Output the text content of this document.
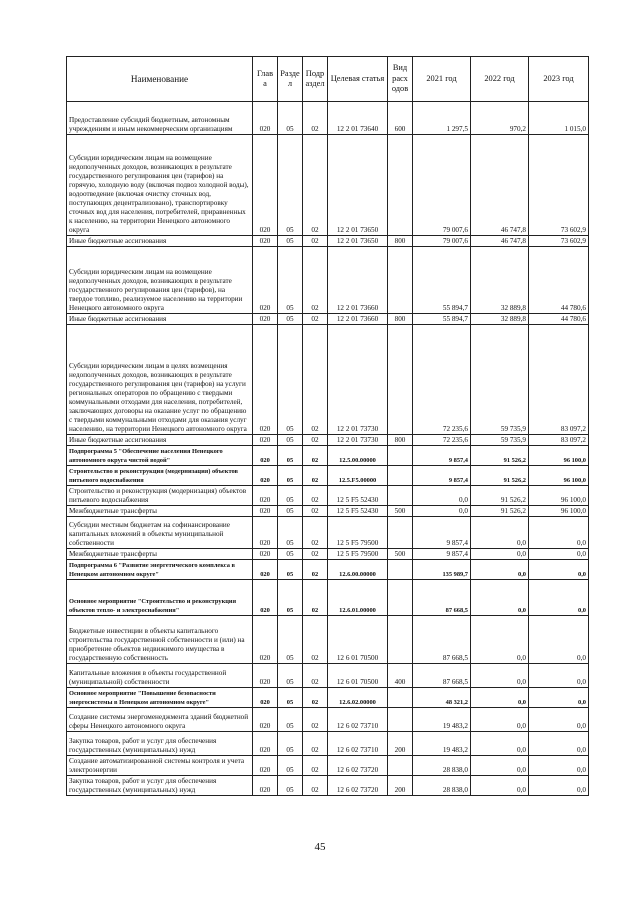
Наименование	Глав а	Разде л	Подр аздел	Целевая статья	Вид расх одов	2021 год	2022 год	2023 год
Предоставление субсидий бюджетным, автономным учреждениям и иным некоммерческим организациям	020	05	02	12 2 01 73640	600	1 297,5	970,2	1 015,0
Субсидии юридическим лицам на возмещение недополученных доходов, возникающих в результате государственного регулирования цен (тарифов) на горячую, холодную воду (включая подвоз холодной воды), водоотведение (включая очистку сточных вод, поступающих децентрализовано), транспортировку сточных вод для населения, потребителей, приравненных к населению, на территории Ненецкого автономного округа	020	05	02	12 2 01 73650		79 007,6	46 747,8	73 602,9
Иные бюджетные ассигнования	020	05	02	12 2 01 73650	800	79 007,6	46 747,8	73 602,9
Субсидии юридическим лицам на возмещение недополученных доходов, возникающих в результате государственного регулирования цен (тарифов), на твердое топливо, реализуемое населению на территории Ненецкого автономного округа	020	05	02	12 2 01 73660		55 894,7	32 889,8	44 780,6
Иные бюджетные ассигнования	020	05	02	12 2 01 73660	800	55 894,7	32 889,8	44 780,6
Субсидии юридическим лицам в целях возмещения недополученных доходов, возникающих в результате государственного регулирования цен (тарифов) на услуги региональных операторов по обращению с твердыми коммунальными отходами для населения, потребителей, заключающих договоры на оказание услуг по обращению с твердыми коммунальными отходами для оказания услуг населению, на территории Ненецкого автономного округа	020	05	02	12 2 01 73730		72 235,6	59 735,9	83 097,2
Иные бюджетные ассигнования	020	05	02	12 2 01 73730	800	72 235,6	59 735,9	83 097,2
Подпрограмма 5 "Обеспечение населения Ненецкого автономного округа чистой водой"	020	05	02	12.5.00.00000		9 857,4	91 526,2	96 100,0
Строительство и реконструкция (модернизация) объектов питьевого водоснабжения	020	05	02	12.5.F5.00000		9 857,4	91 526,2	96 100,0
Строительство и реконструкция (модернизация) объектов питьевого водоснабжения	020	05	02	12 5 F5 52430		0,0	91 526,2	96 100,0
Межбюджетные трансферты	020	05	02	12 5 F5 52430	500	0,0	91 526,2	96 100,0
Субсидии местным бюджетам на софинансирование капитальных вложений в объекты муниципальной собственности	020	05	02	12 5 F5 79500		9 857,4	0,0	0,0
Межбюджетные трансферты	020	05	02	12 5 F5 79500	500	9 857,4	0,0	0,0
Подпрограмма 6 "Развитие энергетического комплекса в Ненецком автономном округе"	020	05	02	12.6.00.00000		135 989,7	0,0	0,0
Основное мероприятие "Строительство и реконструкция объектов тепло- и электроснабжения"	020	05	02	12.6.01.00000		87 668,5	0,0	0,0
Бюджетные инвестиции в объекты капитального строительства государственной собственности и (или) на приобретение объектов недвижимого имущества в государственную собственность	020	05	02	12 6 01 70500		87 668,5	0,0	0,0
Капитальные вложения в объекты государственной (муниципальной) собственности	020	05	02	12 6 01 70500	400	87 668,5	0,0	0,0
Основное мероприятие "Повышение безопасности энергосистемы в Ненецком автономном округе"	020	05	02	12.6.02.00000		48 321,2	0,0	0,0
Создание системы энергоменеджмента зданий бюджетной сферы Ненецкого автономного округа	020	05	02	12 6 02 73710		19 483,2	0,0	0,0
Закупка товаров, работ и услуг для обеспечения государственных (муниципальных) нужд	020	05	02	12 6 02 73710	200	19 483,2	0,0	0,0
Создание автоматизированной системы контроля и учета электроэнергии	020	05	02	12 6 02 73720		28 838,0	0,0	0,0
Закупка товаров, работ и услуг для обеспечения государственных (муниципальных) нужд	020	05	02	12 6 02 73720	200	28 838,0	0,0	0,0
45
